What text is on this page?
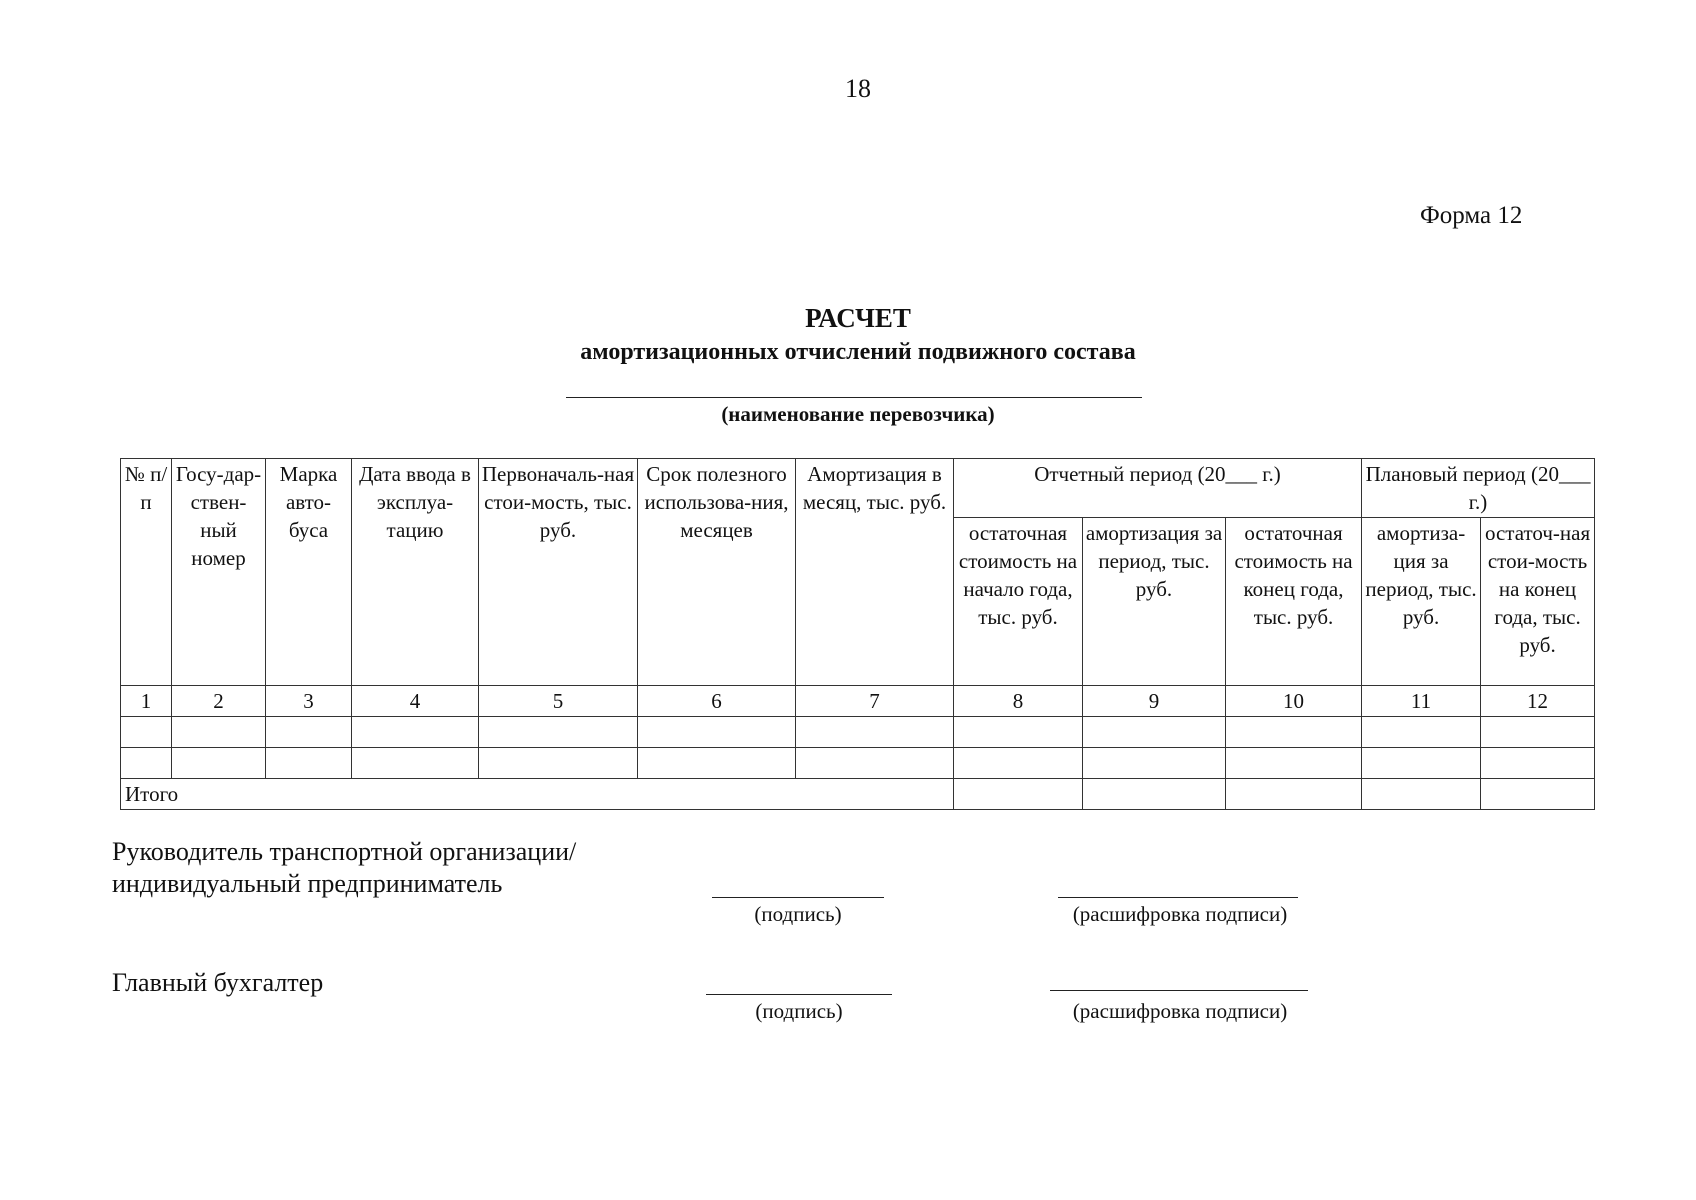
18
Форма 12
РАСЧЕТ
амортизационных отчислений подвижного состава
(наименование перевозчика)
№ п/п	Госу-дар-ствен-ный номер	Марка авто-буса	Дата ввода в эксплуа-тацию	Первоначаль-ная стои-мость, тыс. руб.	Срок полезного использова-ния, месяцев	Амортизация в месяц, тыс. руб.	Отчетный период (20___ г.)			Плановый период (20___ г.)	
							остаточная стоимость на начало года, тыс. руб.	амортизация за период, тыс. руб.	остаточная стоимость на конец года, тыс. руб.	амортиза-ция за период, тыс. руб.	остаточ-ная стои-мость на конец года, тыс. руб.
1	2	3	4	5	6	7	8	9	10	11	12

Итого											
Руководитель транспортной организации/
индивидуальный предприниматель
(подпись)	(расшифровка подписи)
Главный бухгалтер
(подпись)	(расшифровка подписи)
